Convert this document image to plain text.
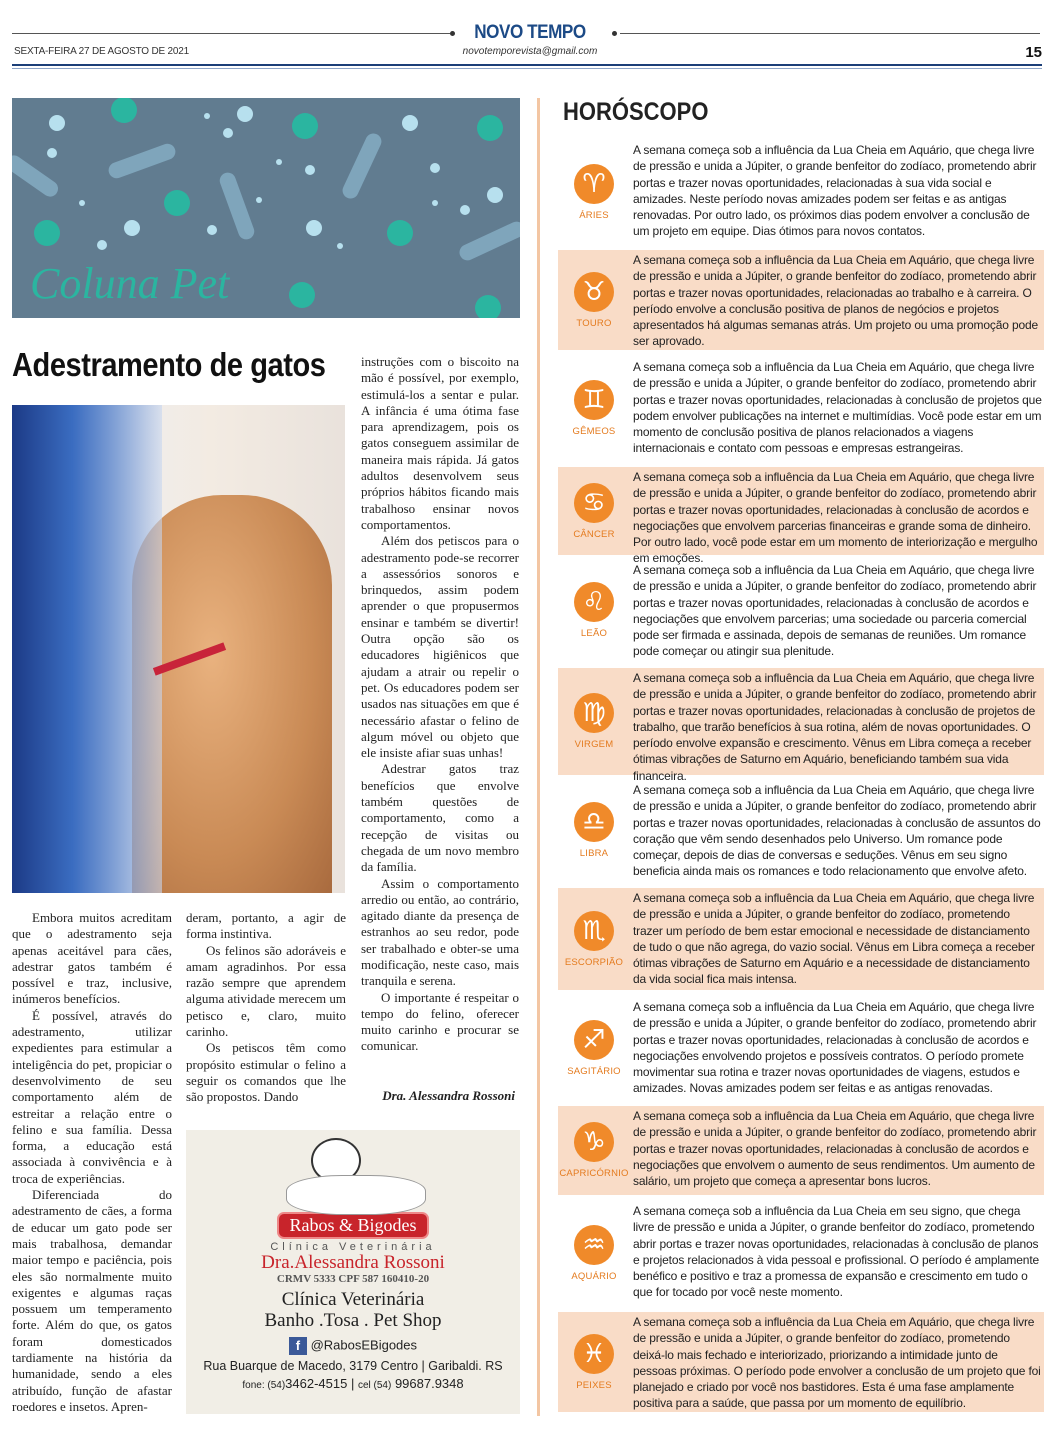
NOVO TEMPO
SEXTA-FEIRA 27 DE AGOSTO DE 2021	novotemporevista@gmail.com	15
Coluna Pet
Adestramento de gatos

Embora muitos acreditam que o adestramento seja apenas aceitável para cães, adestrar gatos também é possível e traz, inclusive, inúmeros benefícios.

É possível, através do adestramento, utilizar expedientes para estimular a inteligência do pet, propiciar o desenvolvimento de seu comportamento além de estreitar a relação entre o felino e sua família. Dessa forma, a educação está associada à convivência e à troca de experiências.

Diferenciada do adestramento de cães, a forma de educar um gato pode ser mais trabalhosa, demandar maior tempo e paciência, pois eles são normalmente muito exigentes e algumas raças possuem um temperamento forte. Além do que, os gatos foram domesticados tardiamente na história da humanidade, sendo a eles atribuído, função de afastar roedores e insetos. Apren-

deram, portanto, a agir de forma instintiva.

Os felinos são adoráveis e amam agradinhos. Por essa razão sempre que aprendem alguma atividade merecem um petisco e, claro, muito carinho.

Os petiscos têm como propósito estimular o felino a seguir os comandos que lhe são propostos. Dando

instruções com o biscoito na mão é possível, por exemplo, estimulá-los a sentar e pular. A infância é uma ótima fase para aprendizagem, pois os gatos conseguem assimilar de maneira mais rápida. Já gatos adultos desenvolvem seus próprios hábitos ficando mais trabalhoso ensinar novos comportamentos.

Além dos petiscos para o adestramento pode-se recorrer a assessórios sonoros e brinquedos, assim podem aprender o que propusermos ensinar e também se divertir! Outra opção são os educadores higiênicos que ajudam a atrair ou repelir o pet. Os educadores podem ser usados nas situações em que é necessário afastar o felino de algum móvel ou objeto que ele insiste afiar suas unhas!

Adestrar gatos traz benefícios que envolve também questões de comportamento, como a recepção de visitas ou chegada de um novo membro da família.

Assim o comportamento arredio ou então, ao contrário, agitado diante da presença de estranhos ao seu redor, pode ser trabalhado e obter-se uma modificação, neste caso, mais tranquila e serena.

O importante é respeitar o tempo do felino, oferecer muito carinho e procurar se comunicar.

Dra. Alessandra Rossoni
Rabos & Bigodes
Clínica Veterinária
Dra.Alessandra Rossoni
CRMV 5333 CPF 587 160410-20
Clínica Veterinária
Banho .Tosa . Pet Shop
f @RabosEBigodes
Rua Buarque de Macedo, 3179 Centro | Garibaldi. RS
fone: (54)3462-4515 | cel (54) 99687.9348
HORÓSCOPO
♈
ÁRIES
A semana começa sob a influência da Lua Cheia em Aquário, que chega livre de pressão e unida a Júpiter, o grande benfeitor do zodíaco, prometendo abrir portas e trazer novas oportunidades, relacionadas à sua vida social e amizades. Neste período novas amizades podem ser feitas e as antigas renovadas. Por outro lado, os próximos dias podem envolver a conclusão de um projeto em equipe. Dias ótimos para novos contatos.
♉
TOURO
A semana começa sob a influência da Lua Cheia em Aquário, que chega livre de pressão e unida a Júpiter, o grande benfeitor do zodíaco, prometendo abrir portas e trazer novas oportunidades, relacionadas ao trabalho e à carreira. O período envolve a conclusão positiva de planos de negócios e projetos apresentados há algumas semanas atrás. Um projeto ou uma promoção pode ser aprovado.
♊
GÊMEOS
A semana começa sob a influência da Lua Cheia em Aquário, que chega livre de pressão e unida a Júpiter, o grande benfeitor do zodíaco, prometendo abrir portas e trazer novas oportunidades, relacionadas à conclusão de projetos que podem envolver publicações na internet e multimídias. Você pode estar em um momento de conclusão positiva de planos relacionados a viagens internacionais e contato com pessoas e empresas estrangeiras.
♋
CÂNCER
A semana começa sob a influência da Lua Cheia em Aquário, que chega livre de pressão e unida a Júpiter, o grande benfeitor do zodíaco, prometendo abrir portas e trazer novas oportunidades, relacionadas à conclusão de acordos e negociações que envolvem parcerias financeiras e grande soma de dinheiro. Por outro lado, você pode estar em um momento de interiorização e mergulho em emoções.
♌
LEÃO
A semana começa sob a influência da Lua Cheia em Aquário, que chega livre de pressão e unida a Júpiter, o grande benfeitor do zodíaco, prometendo abrir portas e trazer novas oportunidades, relacionadas à conclusão de acordos e negociações que envolvem parcerias; uma sociedade ou parceria comercial pode ser firmada e assinada, depois de semanas de reuniões. Um romance pode começar ou atingir sua plenitude.
♍
VIRGEM
A semana começa sob a influência da Lua Cheia em Aquário, que chega livre de pressão e unida a Júpiter, o grande benfeitor do zodíaco, prometendo abrir portas e trazer novas oportunidades, relacionadas à conclusão de projetos de trabalho, que trarão benefícios à sua rotina, além de novas oportunidades. O período envolve expansão e crescimento. Vênus em Libra começa a receber ótimas vibrações de Saturno em Aquário, beneficiando também sua vida financeira.
♎
LIBRA
A semana começa sob a influência da Lua Cheia em Aquário, que chega livre de pressão e unida a Júpiter, o grande benfeitor do zodíaco, prometendo abrir portas e trazer novas oportunidades, relacionadas à conclusão de assuntos do coração que vêm sendo desenhados pelo Universo. Um romance pode começar, depois de dias de conversas e seduções. Vênus em seu signo beneficia ainda mais os romances e todo relacionamento que envolve afeto.
♏
ESCORPIÃO
A semana começa sob a influência da Lua Cheia em Aquário, que chega livre de pressão e unida a Júpiter, o grande benfeitor do zodíaco, prometendo trazer um período de bem estar emocional e necessidade de distanciamento de tudo o que não agrega, do vazio social. Vênus em Libra começa a receber ótimas vibrações de Saturno em Aquário e a necessidade de distanciamento da vida social fica mais intensa.
♐
SAGITÁRIO
A semana começa sob a influência da Lua Cheia em Aquário, que chega livre de pressão e unida a Júpiter, o grande benfeitor do zodíaco, prometendo abrir portas e trazer novas oportunidades, relacionadas à conclusão de acordos e negociações envolvendo projetos e possíveis contratos. O período promete movimentar sua rotina e trazer novas oportunidades de viagens, estudos e amizades. Novas amizades podem ser feitas e as antigas renovadas.
♑
CAPRICÓRNIO
A semana começa sob a influência da Lua Cheia em Aquário, que chega livre de pressão e unida a Júpiter, o grande benfeitor do zodíaco, prometendo abrir portas e trazer novas oportunidades, relacionadas à conclusão de acordos e negociações que envolvem o aumento de seus rendimentos. Um aumento de salário, um projeto que começa a apresentar bons lucros.
♒
AQUÁRIO
A semana começa sob a influência da Lua Cheia em seu signo, que chega livre de pressão e unida a Júpiter, o grande benfeitor do zodíaco, prometendo abrir portas e trazer novas oportunidades, relacionadas à conclusão de planos e projetos relacionados à vida pessoal e profissional. O período é amplamente benéfico e positivo e traz a promessa de expansão e crescimento em tudo o que for tocado por você neste momento.
♓
PEIXES
A semana começa sob a influência da Lua Cheia em Aquário, que chega livre de pressão e unida a Júpiter, o grande benfeitor do zodíaco, prometendo deixá-lo mais fechado e interiorizado, priorizando a intimidade junto de pessoas próximas. O período pode envolver a conclusão de um projeto que foi planejado e criado por você nos bastidores. Esta é uma fase amplamente positiva para a saúde, que passa por um momento de equilíbrio.
